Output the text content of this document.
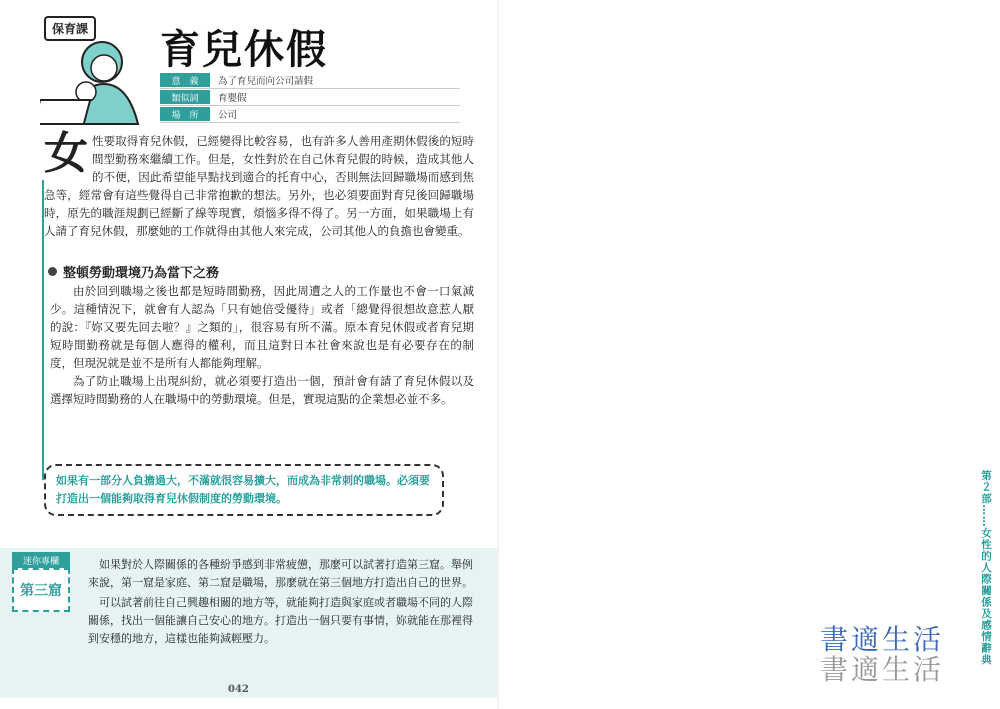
保育課 育兒休假
意　義	為了育兒而向公司請假
類似詞	育嬰假
場　所	公司
女 性要取得育兒休假，已經變得比較容易，也有許多人善用產期休假後的短時間型勤務來繼續工作。但是，女性對於在自己休育兒假的時候，造成其他人的不便，因此希望能早點找到適合的托育中心，否則無法回歸職場而感到焦急等，經常會有這些覺得自己非常抱歉的想法。另外，也必須要面對育兒後回歸職場時，原先的職涯規劃已經斷了線等現實，煩惱多得不得了。另一方面，如果職場上有人請了育兒休假，那麼她的工作就得由其他人來完成，公司其他人的負擔也會變重。

整頓勞動環境乃為當下之務

由於回到職場之後也都是短時間勤務，因此周遭之人的工作量也不會一口氣減少。這種情況下，就會有人認為「只有她倍受優待」或者「總覺得很想故意惹人厭的說：『妳又要先回去啦？』之類的」，很容易有所不滿。原本育兒休假或者育兒期短時間勤務就是每個人應得的權利，而且這對日本社會來說也是有必要存在的制度，但現況就是並不是所有人都能夠理解。

為了防止職場上出現糾紛，就必須要打造出一個，預計會有請了育兒休假以及選擇短時間勤務的人在職場中的勞動環境。但是，實現這點的企業想必並不多。

如果有一部分人負擔過大，不滿就很容易擴大，而成為非常刺的職場。必須要打造出一個能夠取得育兒休假制度的勞動環境。
迷你專欄
第三窟

如果對於人際關係的各種紛爭感到非常疲憊，那麼可以試著打造第三窟。舉例來說，第一窟是家庭、第二窟是職場，那麼就在第三個地方打造出自己的世界。

可以試著前往自己興趣相關的地方等，就能夠打造與家庭或者職場不同的人際關係，找出一個能讓自己安心的地方。打造出一個只要有事情，妳就能在那裡得到安穩的地方，這樣也能夠減輕壓力。

042

第２部……女性的人際關係及感情辭典
書適生活
書適生活
